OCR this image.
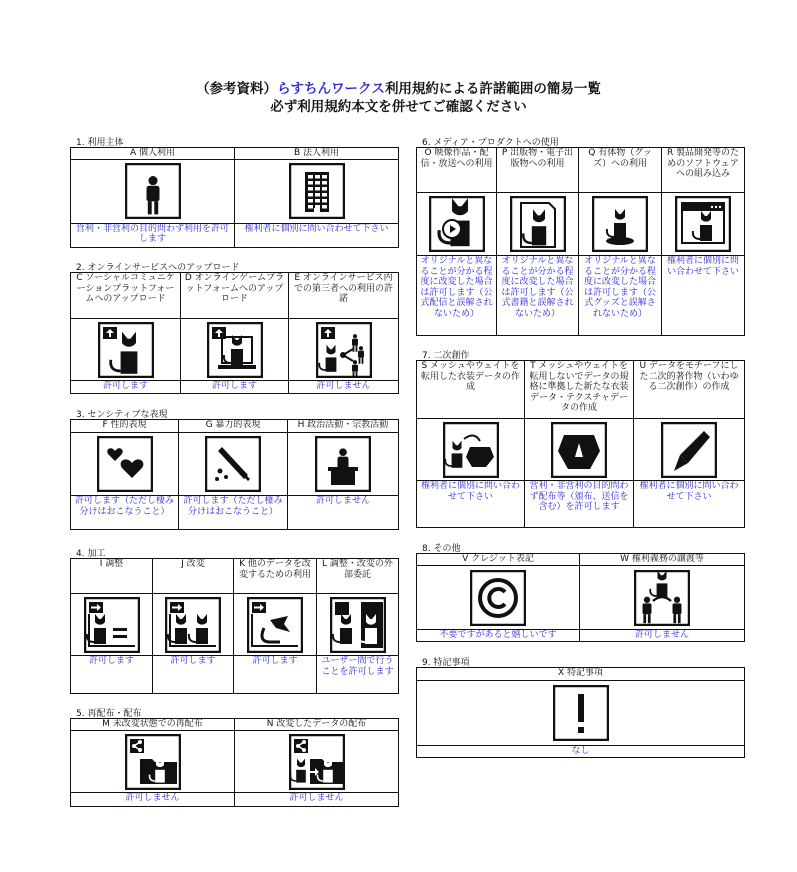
（参考資料）らすちんワークス利用規約による許諾範囲の簡易一覧
必ず利用規約本文を併せてご確認ください
1. 利用主体
A 個人利用	B 法人利用

営利・非営利の目的問わず利用を許可します	権利者に個別に問い合わせて下さい
2. オンラインサービスへのアップロード
C ソーシャルコミュニケーションプラットフォームへのアップロード	D オンラインゲームプラットフォームへのアップロード	E オンラインサービス内での第三者への利用の許諾

許可します	許可します	許可しません
3. センシティブな表現
F 性的表現	G 暴力的表現	H 政治活動・宗教活動

許可します（ただし棲み分けはおこなうこと）	許可します（ただし棲み分けはおこなうこと）	許可しません
4. 加工
I 調整	J 改変	K 他のデータを改変するための利用	L 調整・改変の外部委託

許可します	許可します	許可します	ユーザー間で行うことを許可します
5. 再配布・配布
M 未改変状態での再配布	N 改変したデータの配布

許可しません	許可しません
6. メディア・プロダクトへの使用
O 映像作品・配信・放送への利用	P 出版物・電子出版物への利用	Q 有体物（グッズ）への利用	R 製品開発等のためのソフトウェアへの組み込み

オリジナルと異なることが分かる程度に改変した場合は許可します（公式配信と誤解されないため）	オリジナルと異なることが分かる程度に改変した場合は許可します（公式書籍と誤解されないため）	オリジナルと異なることが分かる程度に改変した場合は許可します（公式グッズと誤解されないため）	権利者に個別に問い合わせて下さい
7. 二次創作
S メッシュやウェイトを転用した衣装データの作成	T メッシュやウェイトを転用しないでデータの規格に準拠した新たな衣装データ・テクスチャデータの作成	U データをモチーフにした二次的著作物（いわゆる二次創作）の作成

権利者に個別に問い合わせて下さい	営利・非営利の目的問わず配布等（頒布、送信を含む）を許可します	権利者に個別に問い合わせて下さい
8. その他
V クレジット表記	W 権利義務の譲渡等

不要ですがあると嬉しいです	許可しません
9. 特記事項
X 特記事項

なし
